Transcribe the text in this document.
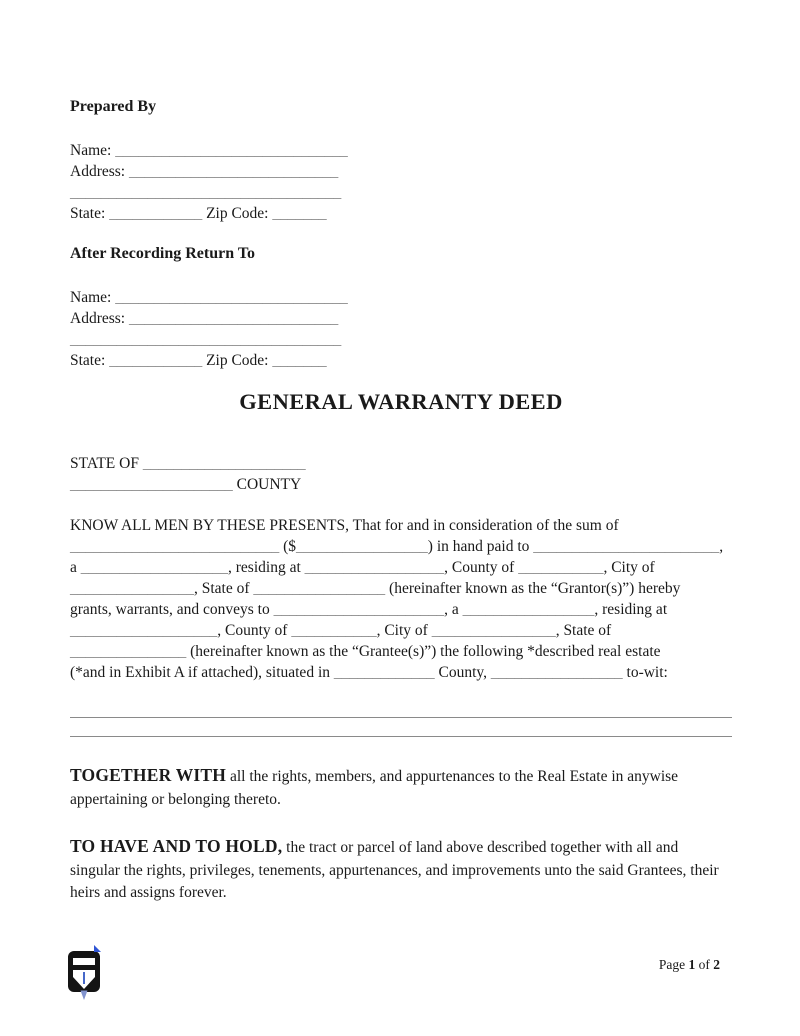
Prepared By
Name: ______________________________
Address: ___________________________
___________________________________
State: ____________ Zip Code: _______
After Recording Return To
Name: ______________________________
Address: ___________________________
___________________________________
State: ____________ Zip Code: _______
GENERAL WARRANTY DEED
STATE OF _____________________
_____________________ COUNTY
KNOW ALL MEN BY THESE PRESENTS, That for and in consideration of the sum of
___________________________ ($_________________) in hand paid to ________________________,
a ___________________, residing at __________________, County of ___________, City of
________________, State of _________________ (hereinafter known as the “Grantor(s)”) hereby
grants, warrants, and conveys to ______________________, a _________________, residing at
___________________, County of ___________, City of ________________, State of
_______________ (hereinafter known as the “Grantee(s)”) the following *described real estate
(*and in Exhibit A if attached), situated in _____________ County, _________________ to-wit:

TOGETHER WITH all the rights, members, and appurtenances to the Real Estate in anywise appertaining or belonging thereto.

TO HAVE AND TO HOLD, the tract or parcel of land above described together with all and singular the rights, privileges, tenements, appurtenances, and improvements unto the said Grantees, their heirs and assigns forever.

Page 1 of 2
